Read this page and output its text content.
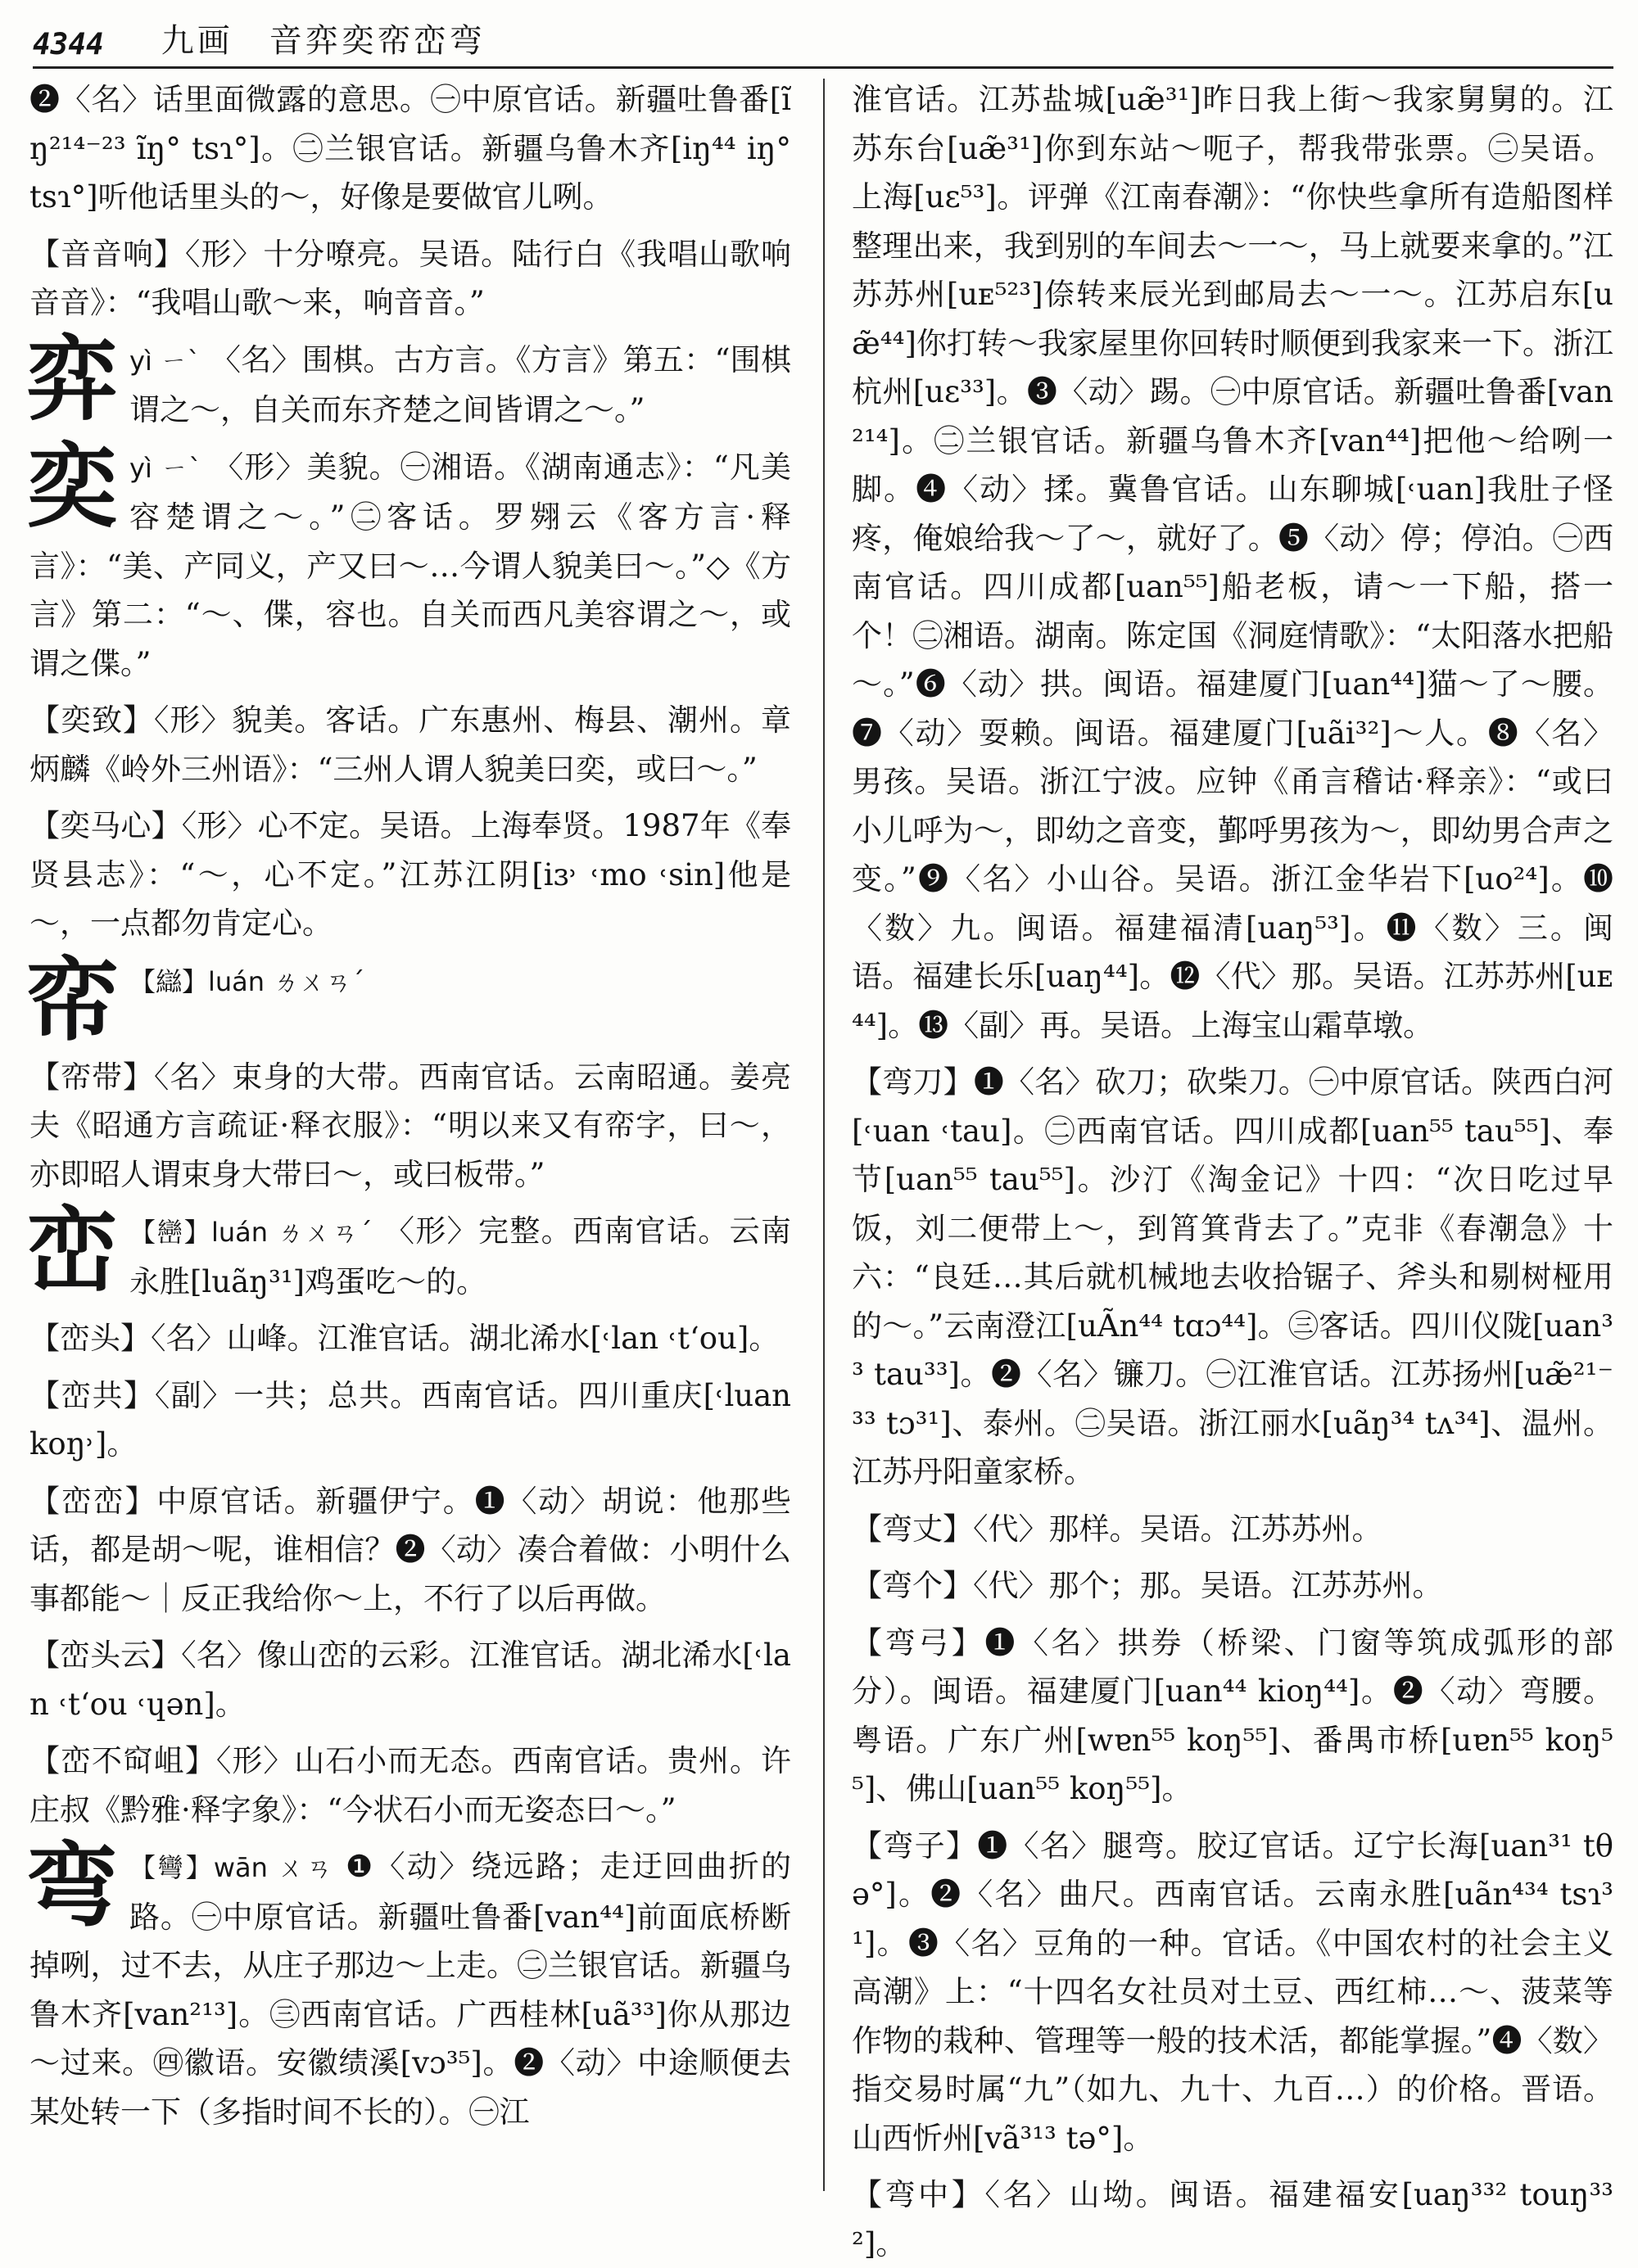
4344 九画　音弈奕帟峦弯

❷〈名〉话里面微露的意思。㊀中原官话。新疆吐鲁番[ĩŋ²¹⁴⁻²³ ĩŋ° tsɿ°]。㊁兰银官话。新疆乌鲁木齐[iŋ⁴⁴ iŋ° tsɿ°]听他话里头的～，好像是要做官儿咧。

【音音响】〈形〉十分嘹亮。吴语。陆行白《我唱山歌响音音》：“我唱山歌～来，响音音。”

弈 yì ㄧˋ 〈名〉围棋。古方言。《方言》第五：“围棋谓之～，自关而东齐楚之间皆谓之～。”
奕 yì ㄧˋ 〈形〉美貌。㊀湘语。《湖南通志》：“凡美容楚谓之～。”㊁客话。罗翙云《客方言·释言》：“美、产同义，产又曰～…今谓人貌美曰～。”◇《方言》第二：“～、偞，容也。自关而西凡美容谓之～，或谓之偞。”

【奕致】〈形〉貌美。客话。广东惠州、梅县、潮州。章炳麟《岭外三州语》：“三州人谓人貌美曰奕，或曰～。”

【奕马心】〈形〉心不定。吴语。上海奉贤。1987年《奉贤县志》：“～，心不定。”江苏江阴[iɜ˒ ˓mo ˓sin]他是～，一点都勿肯定心。

帟 【䜌】luán ㄌㄨㄢˊ

【帟带】〈名〉束身的大带。西南官话。云南昭通。姜亮夫《昭通方言疏证·释衣服》：“明以来又有帟字，曰～，亦即昭人谓束身大带曰～，或曰板带。”

峦 【巒】luán ㄌㄨㄢˊ 〈形〉完整。西南官话。云南永胜[luãŋ³¹]鸡蛋吃～的。

【峦头】〈名〉山峰。江淮官话。湖北浠水[˓lan ˓tʻou]。

【峦共】〈副〉一共；总共。西南官话。四川重庆[˓luan koŋ˒]。

【峦峦】中原官话。新疆伊宁。❶〈动〉胡说：他那些话，都是胡～呢，谁相信？❷〈动〉凑合着做：小明什么事都能～｜反正我给你～上，不行了以后再做。

【峦头云】〈名〉像山峦的云彩。江淮官话。湖北浠水[˓lan ˓tʻou ˓ɥən]。

【峦不䆗岨】〈形〉山石小而无态。西南官话。贵州。许庄叔《黔雅·释字象》：“今状石小而无姿态曰～。”

弯 【彎】wān ㄨㄢ ❶〈动〉绕远路；走迂回曲折的路。㊀中原官话。新疆吐鲁番[van⁴⁴]前面底桥断掉咧，过不去，从庄子那边～上走。㊁兰银官话。新疆乌鲁木齐[van²¹³]。㊂西南官话。广西桂林[uã³³]你从那边～过来。㊃徽语。安徽绩溪[vɔ³⁵]。❷〈动〉中途顺便去某处转一下（多指时间不长的）。㊀江

淮官话。江苏盐城[uæ̃³¹]昨日我上街～我家舅舅的。江苏东台[uæ̃³¹]你到东站～呃子，帮我带张票。㊁吴语。上海[uɛ⁵³]。评弹《江南春潮》：“你快些拿所有造船图样整理出来，我到别的车间去～一～，马上就要来拿的。”江苏苏州[uᴇ⁵²³]倷转来辰光到邮局去～一～。江苏启东[uæ̃⁴⁴]你打转～我家屋里你回转时顺便到我家来一下。浙江杭州[uɛ³³]。❸〈动〉踢。㊀中原官话。新疆吐鲁番[van²¹⁴]。㊁兰银官话。新疆乌鲁木齐[van⁴⁴]把他～给咧一脚。❹〈动〉揉。冀鲁官话。山东聊城[˓uan]我肚子怪疼，俺娘给我～了～，就好了。❺〈动〉停；停泊。㊀西南官话。四川成都[uan⁵⁵]船老板，请～一下船，搭一个！㊁湘语。湖南。陈定国《洞庭情歌》：“太阳落水把船～。”❻〈动〉拱。闽语。福建厦门[uan⁴⁴]猫～了～腰。❼〈动〉耍赖。闽语。福建厦门[uãi³²]～人。❽〈名〉男孩。吴语。浙江宁波。应钟《甬言稽诂·释亲》：“或曰小儿呼为～，即幼之音变，鄞呼男孩为～，即幼男合声之变。”❾〈名〉小山谷。吴语。浙江金华岩下[uo²⁴]。❿〈数〉九。闽语。福建福清[uaŋ⁵³]。⓫〈数〉三。闽语。福建长乐[uaŋ⁴⁴]。⓬〈代〉那。吴语。江苏苏州[uᴇ⁴⁴]。⓭〈副〉再。吴语。上海宝山霜草墩。

【弯刀】❶〈名〉砍刀；砍柴刀。㊀中原官话。陕西白河[˓uan ˓tau]。㊁西南官话。四川成都[uan⁵⁵ tau⁵⁵]、奉节[uan⁵⁵ tau⁵⁵]。沙汀《淘金记》十四：“次日吃过早饭，刘二便带上～，到筲箕背去了。”克非《春潮急》十六：“良廷…其后就机械地去收拾锯子、斧头和剔树桠用的～。”云南澄江[uÃn⁴⁴ tɑɔ⁴⁴]。㊂客话。四川仪陇[uan³³ tau³³]。❷〈名〉镰刀。㊀江淮官话。江苏扬州[uæ̃²¹⁻³³ tɔ³¹]、泰州。㊁吴语。浙江丽水[uãŋ³⁴ tʌ³⁴]、温州。江苏丹阳童家桥。

【弯丈】〈代〉那样。吴语。江苏苏州。

【弯个】〈代〉那个；那。吴语。江苏苏州。

【弯弓】❶〈名〉拱券（桥梁、门窗等筑成弧形的部分）。闽语。福建厦门[uan⁴⁴ kioŋ⁴⁴]。❷〈动〉弯腰。粤语。广东广州[wɐn⁵⁵ koŋ⁵⁵]、番禺市桥[uɐn⁵⁵ koŋ⁵⁵]、佛山[uan⁵⁵ koŋ⁵⁵]。

【弯子】❶〈名〉腿弯。胶辽官话。辽宁长海[uan³¹ tθə°]。❷〈名〉曲尺。西南官话。云南永胜[uãn⁴³⁴ tsɿ³¹]。❸〈名〉豆角的一种。官话。《中国农村的社会主义高潮》上：“十四名女社员对土豆、西红柿…～、菠菜等作物的栽种、管理等一般的技术活，都能掌握。”❹〈数〉指交易时属“九”（如九、九十、九百…）的价格。晋语。山西忻州[vã³¹³ tə°]。

【弯中】〈名〉山坳。闽语。福建福安[uaŋ³³² touŋ³³²]。
